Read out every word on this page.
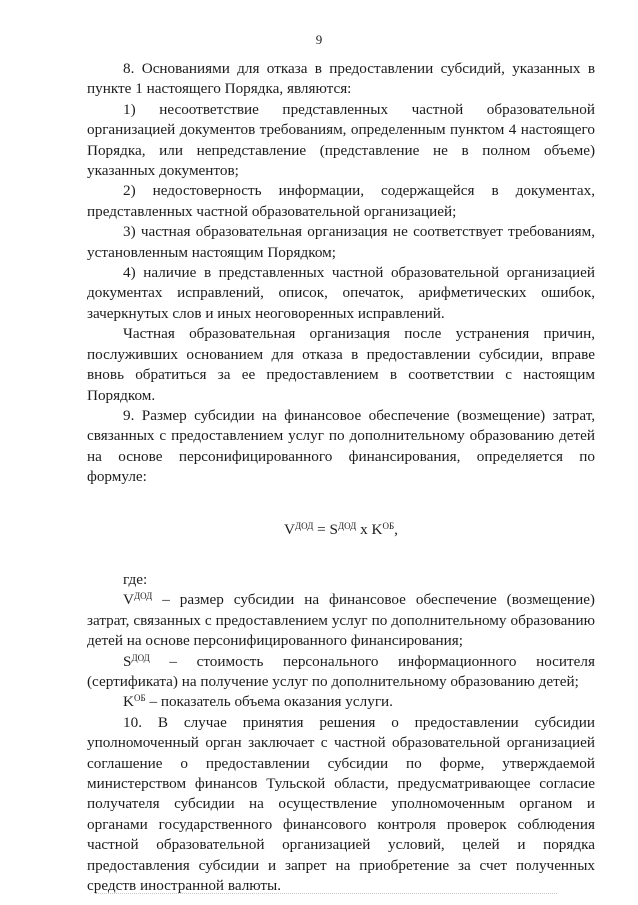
9

8. Основаниями для отказа в предоставлении субсидий, указанных в пункте 1 настоящего Порядка, являются:

1) несоответствие представленных частной образовательной организацией документов требованиям, определенным пунктом 4 настоящего Порядка, или непредставление (представление не в полном объеме) указанных документов;

2) недостоверность информации, содержащейся в документах, представленных частной образовательной организацией;

3) частная образовательная организация не соответствует требованиям, установленным настоящим Порядком;

4) наличие в представленных частной образовательной организацией документах исправлений, описок, опечаток, арифметических ошибок, зачеркнутых слов и иных неоговоренных исправлений.

Частная образовательная организация после устранения причин, послуживших основанием для отказа в предоставлении субсидии, вправе вновь обратиться за ее предоставлением в соответствии с настоящим Порядком.

9. Размер субсидии на финансовое обеспечение (возмещение) затрат, связанных с предоставлением услуг по дополнительному образованию детей на основе персонифицированного финансирования, определяется по формуле:

$V^{ДОД} = S^{ДОД}$ x $K^{ОБ}$,

где:

$V^{ДОД}$ – размер субсидии на финансовое обеспечение (возмещение) затрат, связанных с предоставлением услуг по дополнительному образованию детей на основе персонифицированного финансирования;

$S^{ДОД}$ – стоимость персонального информационного носителя (сертификата) на получение услуг по дополнительному образованию детей;

$K^{ОБ}$ – показатель объема оказания услуги.

10. В случае принятия решения о предоставлении субсидии уполномоченный орган заключает с частной образовательной организацией соглашение о предоставлении субсидии по форме, утверждаемой министерством финансов Тульской области, предусматривающее согласие получателя субсидии на осуществление уполномоченным органом и органами государственного финансового контроля проверок соблюдения частной образовательной организацией условий, целей и порядка предоставления субсидии и запрет на приобретение за счет полученных средств иностранной валюты.
